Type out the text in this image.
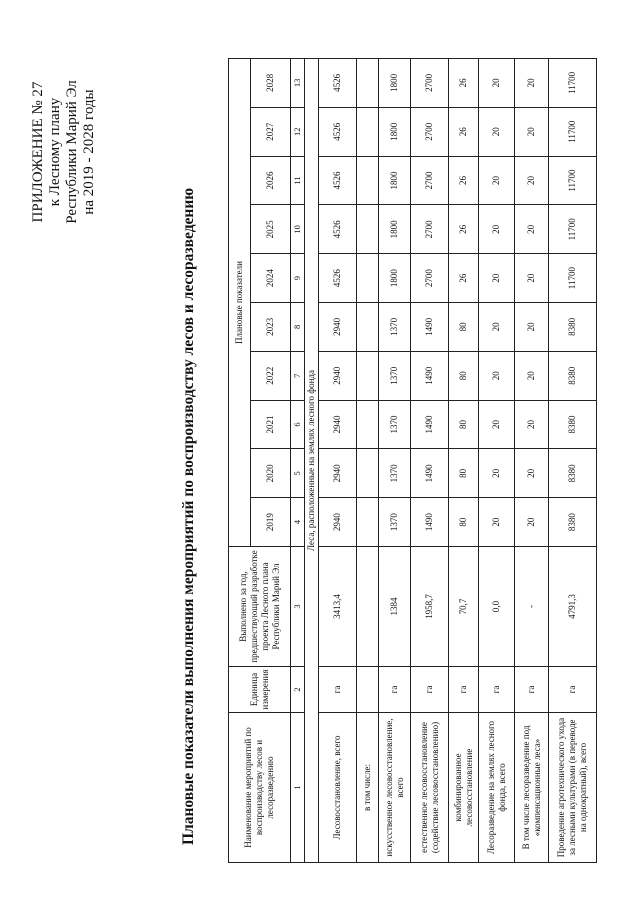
ПРИЛОЖЕНИЕ № 27 к Лесному плану Республики Марий Эл на 2019 - 2028 годы
Плановые показатели выполнения мероприятий по воспроизводству лесов и лесоразведению	Наименование мероприятий по воспроизводству лесов и лесоразведению	Единица измерения	Выполнено за год, предшествующий разработке проекта Лесного плана Республики Марий Эл	Плановые показатели									
			2019	2020	2021	2022	2023	2024	2025	2026	2027	2028
1	2	3	4	5	6	7	8	9	10	11	12	13
Леса, расположенные на землях лесного фонда												
Лесовосстановление, всего	га	3413,4	2940	2940	2940	2940	2940	4526	4526	4526	4526	4526
в том числе:												
искусственное лесовосстановление, всего	га	1384	1370	1370	1370	1370	1370	1800	1800	1800	1800	1800
естественное лесовосстановление (содействие лесовосстановлению)	га	1958,7	1490	1490	1490	1490	1490	2700	2700	2700	2700	2700
комбинированное лесовосстановление	га	70,7	80	80	80	80	80	26	26	26	26	26
Лесоразведение на землях лесного фонда, всего	га	0,0	20	20	20	20	20	20	20	20	20	20
В том числе лесоразведение под «компенсационные леса»	га	-	20	20	20	20	20	20	20	20	20	20
Проведение агротехнического ухода за лесными культурами (в переводе на однократный), всего	га	4791,3	8380	8380	8380	8380	8380	11700	11700	11700	11700	11700
